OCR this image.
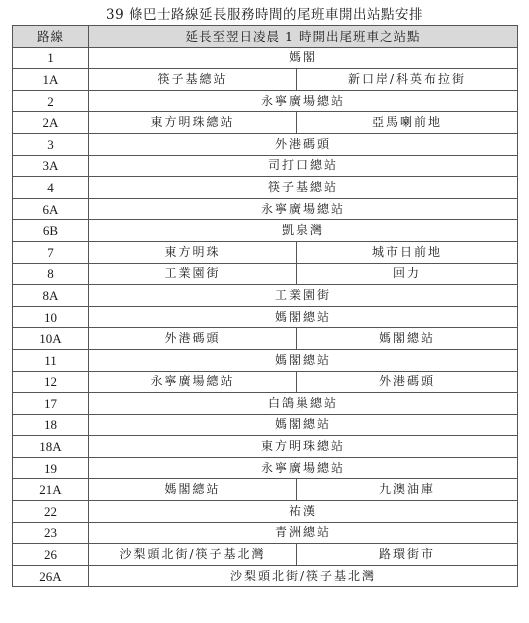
39 條巴士路線延長服務時間的尾班車開出站點安排
路線	延長至翌日凌晨 1 時開出尾班車之站點	
1	媽閣	
1A	筷子基總站	新口岸/科英布拉街
2	永寧廣場總站	
2A	東方明珠總站	亞馬喇前地
3	外港碼頭	
3A	司打口總站	
4	筷子基總站	
6A	永寧廣場總站	
6B	凱泉灣	
7	東方明珠	城市日前地
8	工業園街	回力
8A	工業園街	
10	媽閣總站	
10A	外港碼頭	媽閣總站
11	媽閣總站	
12	永寧廣場總站	外港碼頭
17	白鴿巢總站	
18	媽閣總站	
18A	東方明珠總站	
19	永寧廣場總站	
21A	媽閣總站	九澳油庫
22	祐漢	
23	青洲總站	
26	沙梨頭北街/筷子基北灣	路環街市
26A	沙梨頭北街/筷子基北灣	
